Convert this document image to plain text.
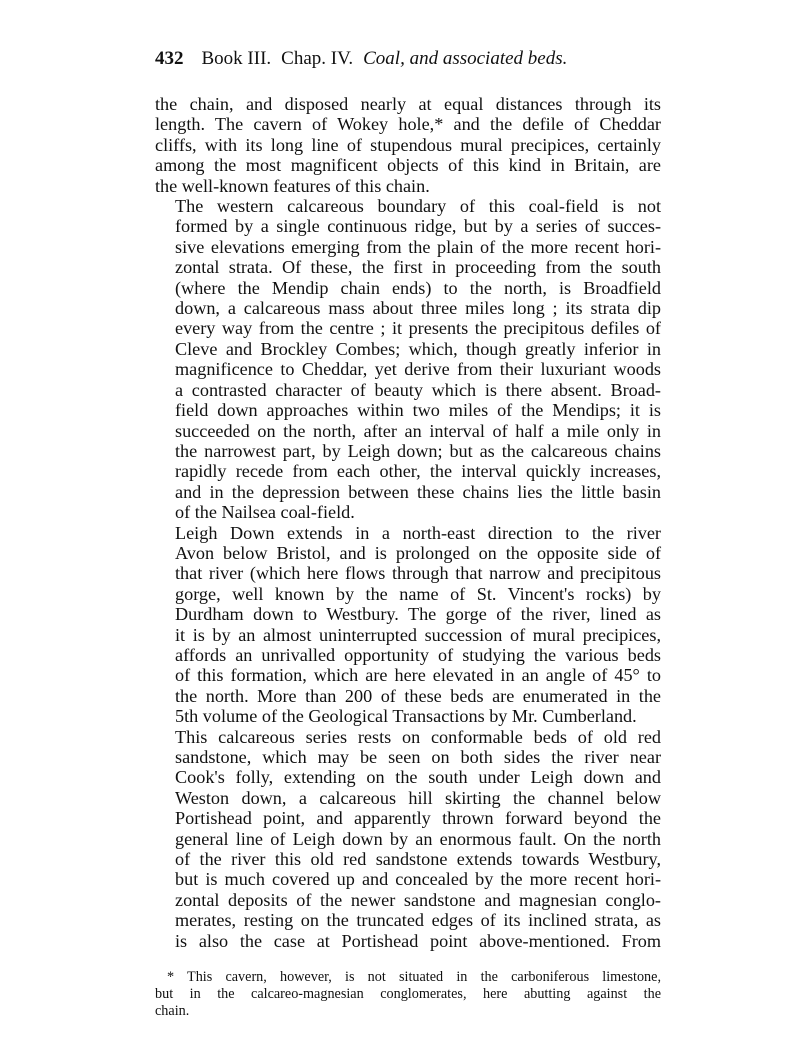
432 Book III. Chap. IV. Coal, and associated beds.
the chain, and disposed nearly at equal distances through its
length. The cavern of Wokey hole,* and the defile of Cheddar
cliffs, with its long line of stupendous mural precipices, certainly
among the most magnificent objects of this kind in Britain, are
the well-known features of this chain.
The western calcareous boundary of this coal-field is not
formed by a single continuous ridge, but by a series of succes-
sive elevations emerging from the plain of the more recent hori-
zontal strata. Of these, the first in proceeding from the south
(where the Mendip chain ends) to the north, is Broadfield
down, a calcareous mass about three miles long ; its strata dip
every way from the centre ; it presents the precipitous defiles of
Cleve and Brockley Combes; which, though greatly inferior in
magnificence to Cheddar, yet derive from their luxuriant woods
a contrasted character of beauty which is there absent. Broad-
field down approaches within two miles of the Mendips; it is
succeeded on the north, after an interval of half a mile only in
the narrowest part, by Leigh down; but as the calcareous chains
rapidly recede from each other, the interval quickly increases,
and in the depression between these chains lies the little basin
of the Nailsea coal-field.
Leigh Down extends in a north-east direction to the river
Avon below Bristol, and is prolonged on the opposite side of
that river (which here flows through that narrow and precipitous
gorge, well known by the name of St. Vincent's rocks) by
Durdham down to Westbury. The gorge of the river, lined as
it is by an almost uninterrupted succession of mural precipices,
affords an unrivalled opportunity of studying the various beds
of this formation, which are here elevated in an angle of 45° to
the north. More than 200 of these beds are enumerated in the
5th volume of the Geological Transactions by Mr. Cumberland.
This calcareous series rests on conformable beds of old red
sandstone, which may be seen on both sides the river near
Cook's folly, extending on the south under Leigh down and
Weston down, a calcareous hill skirting the channel below
Portishead point, and apparently thrown forward beyond the
general line of Leigh down by an enormous fault. On the north
of the river this old red sandstone extends towards Westbury,
but is much covered up and concealed by the more recent hori-
zontal deposits of the newer sandstone and magnesian conglo-
merates, resting on the truncated edges of its inclined strata, as
is also the case at Portishead point above-mentioned. From
* This cavern, however, is not situated in the carboniferous limestone,
but in the calcareo-magnesian conglomerates, here abutting against the
chain.
